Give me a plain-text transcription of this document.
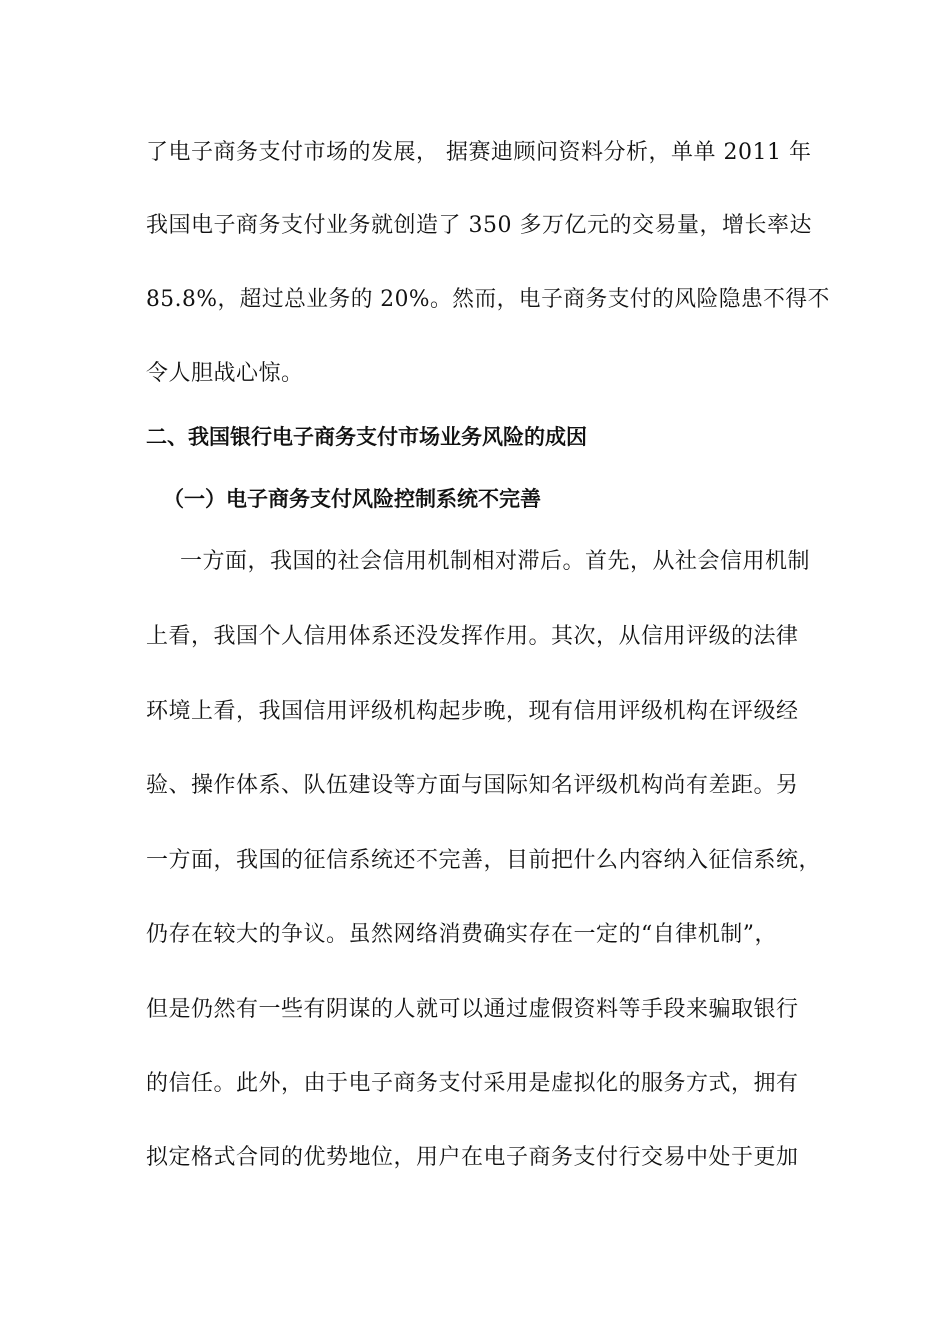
了电子商务支付市场的发展， 据赛迪顾问资料分析，单单 2011 年
我国电子商务支付业务就创造了 350 多万亿元的交易量，增长率达
85.8%，超过总业务的 20%。然而，电子商务支付的风险隐患不得不
令人胆战心惊。
二、我国银行电子商务支付市场业务风险的成因
（一）电子商务支付风险控制系统不完善
一方面，我国的社会信用机制相对滞后。首先，从社会信用机制
上看，我国个人信用体系还没发挥作用。其次，从信用评级的法律
环境上看，我国信用评级机构起步晚，现有信用评级机构在评级经
验、操作体系、队伍建设等方面与国际知名评级机构尚有差距。另
一方面，我国的征信系统还不完善，目前把什么内容纳入征信系统，
仍存在较大的争议。虽然网络消费确实存在一定的“自律机制”，
但是仍然有一些有阴谋的人就可以通过虚假资料等手段来骗取银行
的信任。此外，由于电子商务支付采用是虚拟化的服务方式，拥有
拟定格式合同的优势地位，用户在电子商务支付行交易中处于更加
